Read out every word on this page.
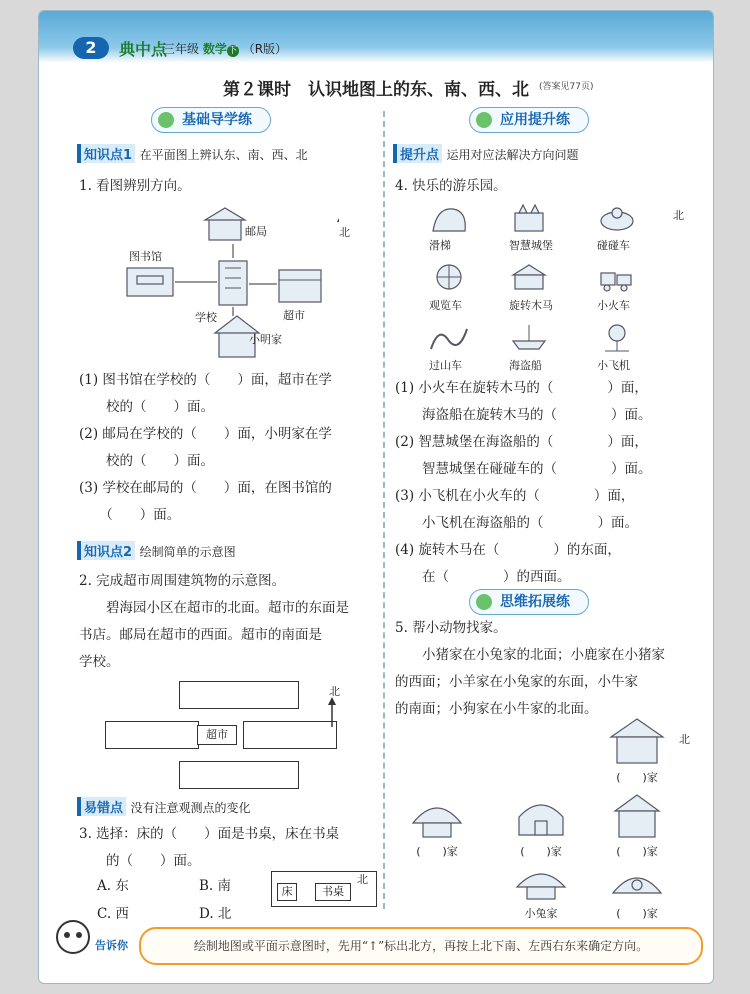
2	典中点
三年级 数学下 （R版）
第２课时　认识地图上的东、南、西、北	(答案见77页)
基础导学练
知识点1 在平面图上辨认东、南、西、北
1. 看图辨别方向。
邮局
图书馆
学校	超市
小明家
北
(1) 图书馆在学校的（　　）面，超市在学
　　校的（　　）面。
(2) 邮局在学校的（　　）面，小明家在学
　　校的（　　）面。
(3) 学校在邮局的（　　）面，在图书馆的
　　（　　）面。
知识点2 绘制简单的示意图
2. 完成超市周围建筑物的示意图。
　　碧海园小区在超市的北面。超市的东面是
书店。邮局在超市的西面。超市的南面是
学校。
超市
北
易错点 没有注意观测点的变化
3. 选择：床的（　　）面是书桌，床在书桌
　　的（　　）面。
A. 东	B. 南
C. 西	D. 北
床	书桌
北
应用提升练
提升点 运用对应法解决方向问题
4. 快乐的游乐园。
滑梯	智慧城堡	碰碰车
观览车	旋转木马	小火车
过山车	海盗船	小飞机
北
(1) 小火车在旋转木马的（　　　　）面，
　　海盗船在旋转木马的（　　　　）面。
(2) 智慧城堡在海盗船的（　　　　）面，
　　智慧城堡在碰碰车的（　　　　）面。
(3) 小飞机在小火车的（　　　　）面，
　　小飞机在海盗船的（　　　　）面。
(4) 旋转木马在（　　　　）的东面，
　　在（　　　　）的西面。
思维拓展练
5. 帮小动物找家。
　　小猪家在小兔家的北面；小鹿家在小猪家
的西面；小羊家在小兔家的东面，小牛家
的南面；小狗家在小牛家的北面。
(　　)家
(　　)家	(　　)家	(　　)家
小兔家	(　　)家
北
告诉你	绘制地图或平面示意图时，先用“↑”标出北方，再按上北下南、左西右东来确定方向。
